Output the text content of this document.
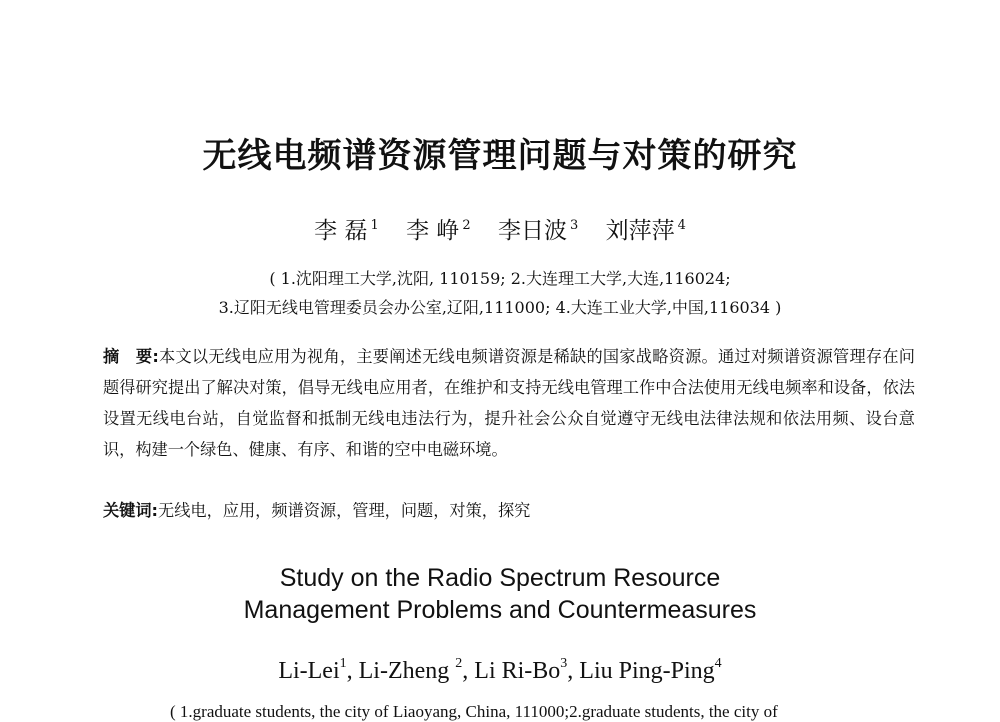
无线电频谱资源管理问题与对策的研究
李 磊 $^1$ 李 峥 $^2$ 李日波 $^3$ 刘萍萍 $^4$
( 1.沈阳理工大学,沈阳, 110159; 2.大连理工大学,大连,116024;
3.辽阳无线电管理委员会办公室,辽阳,111000; 4.大连工业大学,中国,116034 )
摘　要:本文以无线电应用为视角，主要阐述无线电频谱资源是稀缺的国家战略资源。通过对频谱资源管理存在问题得研究提出了解决对策，倡导无线电应用者，在维护和支持无线电管理工作中合法使用无线电频率和设备，依法设置无线电台站，自觉监督和抵制无线电违法行为，提升社会公众自觉遵守无线电法律法规和依法用频、设台意识，构建一个绿色、健康、有序、和谐的空中电磁环境。
关键词:无线电，应用，频谱资源，管理，问题，对策，探究
Study on the Radio Spectrum Resource
Management Problems and Countermeasures
Li-Lei$^1$, Li-Zheng $^2$, Li Ri-Bo$^3$, Liu Ping-Ping$^4$
( 1.graduate students, the city of Liaoyang, China, 111000;2.graduate students, the city of
